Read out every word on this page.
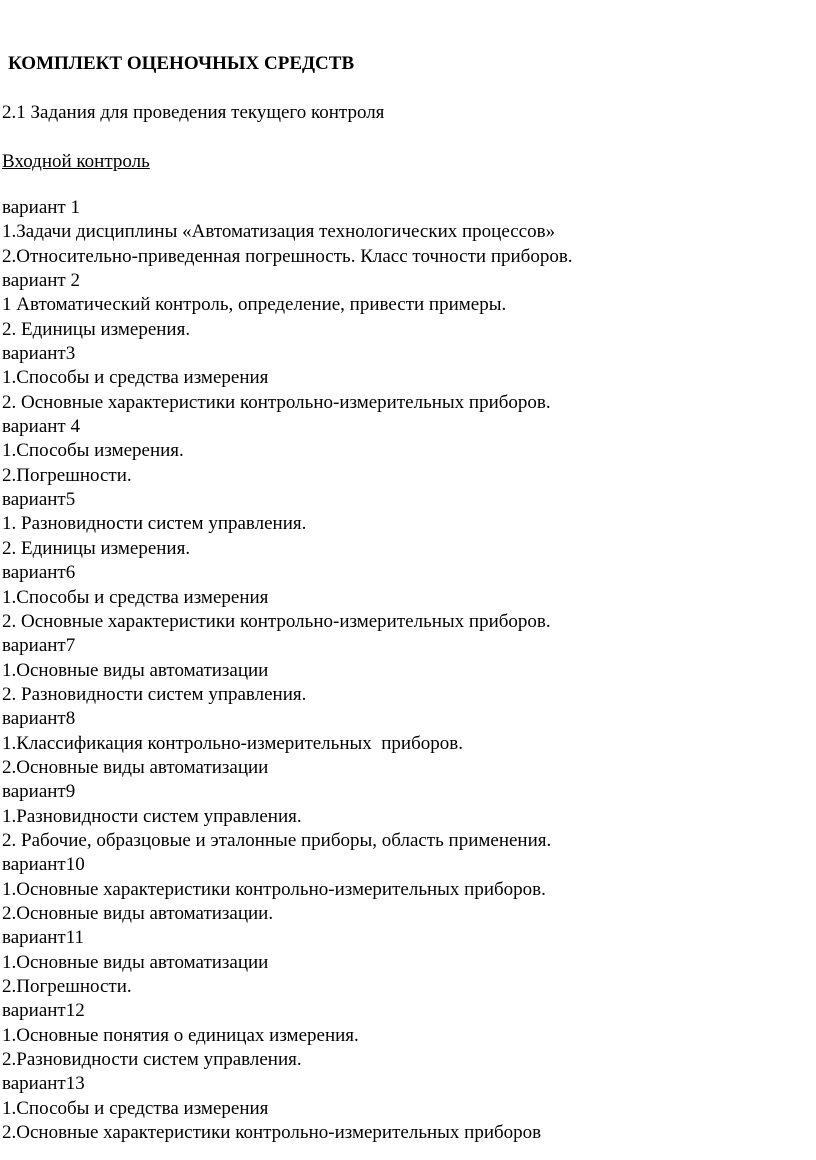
КОМПЛЕКТ ОЦЕНОЧНЫХ СРЕДСТВ

2.1 Задания для проведения текущего контроля

Входной контроль

вариант 1
1.Задачи дисциплины «Автоматизация технологических процессов»
2.Относительно-приведенная погрешность. Класс точности приборов.
вариант 2
1 Автоматический контроль, определение, привести примеры.
2. Единицы измерения.
вариант3
1.Способы и средства измерения
2. Основные характеристики контрольно-измерительных приборов.
вариант 4
1.Способы измерения.
2.Погрешности.
вариант5
1. Разновидности систем управления.
2. Единицы измерения.
вариант6
1.Способы и средства измерения
2. Основные характеристики контрольно-измерительных приборов.
вариант7
1.Основные виды автоматизации
2. Разновидности систем управления.
вариант8
1.Классификация контрольно-измерительных  приборов.
2.Основные виды автоматизации
вариант9
1.Разновидности систем управления.
2. Рабочие, образцовые и эталонные приборы, область применения.
вариант10
1.Основные характеристики контрольно-измерительных приборов.
2.Основные виды автоматизации.
вариант11
1.Основные виды автоматизации
2.Погрешности.
вариант12
1.Основные понятия о единицах измерения.
2.Разновидности систем управления.
вариант13
1.Способы и средства измерения
2.Основные характеристики контрольно-измерительных приборов
